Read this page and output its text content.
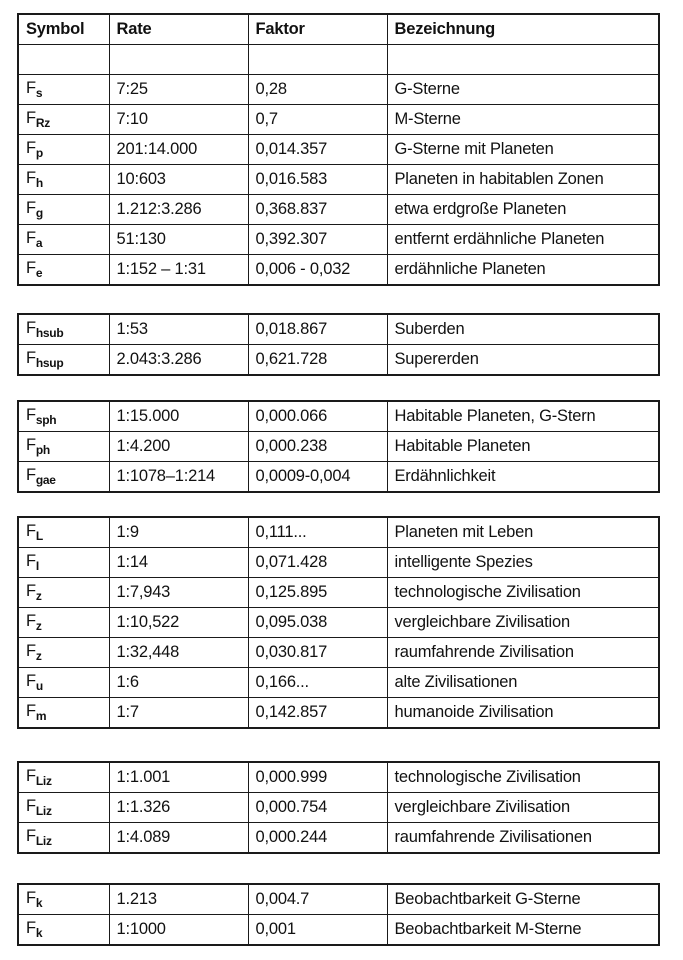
Symbol	Rate	Faktor	Bezeichnung

$F_s$	7:25	0,28	G-Sterne
$F_{Rz}$	7:10	0,7	M-Sterne
$F_p$	201:14.000	0,014.357	G-Sterne mit Planeten
$F_h$	10:603	0,016.583	Planeten in habitablen Zonen
$F_g$	1.212:3.286	0,368.837	etwa erdgroße Planeten
$F_a$	51:130	0,392.307	entfernt erdähnliche Planeten
$F_e$	1:152 – 1:31	0,006 - 0,032	erdähnliche Planeten
$F_{hsub}$	1:53	0,018.867	Suberden
$F_{hsup}$	2.043:3.286	0,621.728	Supererden
$F_{sph}$	1:15.000	0,000.066	Habitable Planeten, G-Stern
$F_{ph}$	1:4.200	0,000.238	Habitable Planeten
$F_{gae}$	1:1078–1:214	0,0009-0,004	Erdähnlichkeit
$F_L$	1:9	0,111...	Planeten mit Leben
$F_I$	1:14	0,071.428	intelligente Spezies
$F_z$	1:7,943	0,125.895	technologische Zivilisation
$F_z$	1:10,522	0,095.038	vergleichbare Zivilisation
$F_z$	1:32,448	0,030.817	raumfahrende Zivilisation
$F_u$	1:6	0,166...	alte Zivilisationen
$F_m$	1:7	0,142.857	humanoide Zivilisation
$F_{Liz}$	1:1.001	0,000.999	technologische Zivilisation
$F_{Liz}$	1:1.326	0,000.754	vergleichbare Zivilisation
$F_{Liz}$	1:4.089	0,000.244	raumfahrende Zivilisationen
$F_k$	1.213	0,004.7	Beobachtbarkeit G-Sterne
$F_k$	1:1000	0,001	Beobachtbarkeit M-Sterne
